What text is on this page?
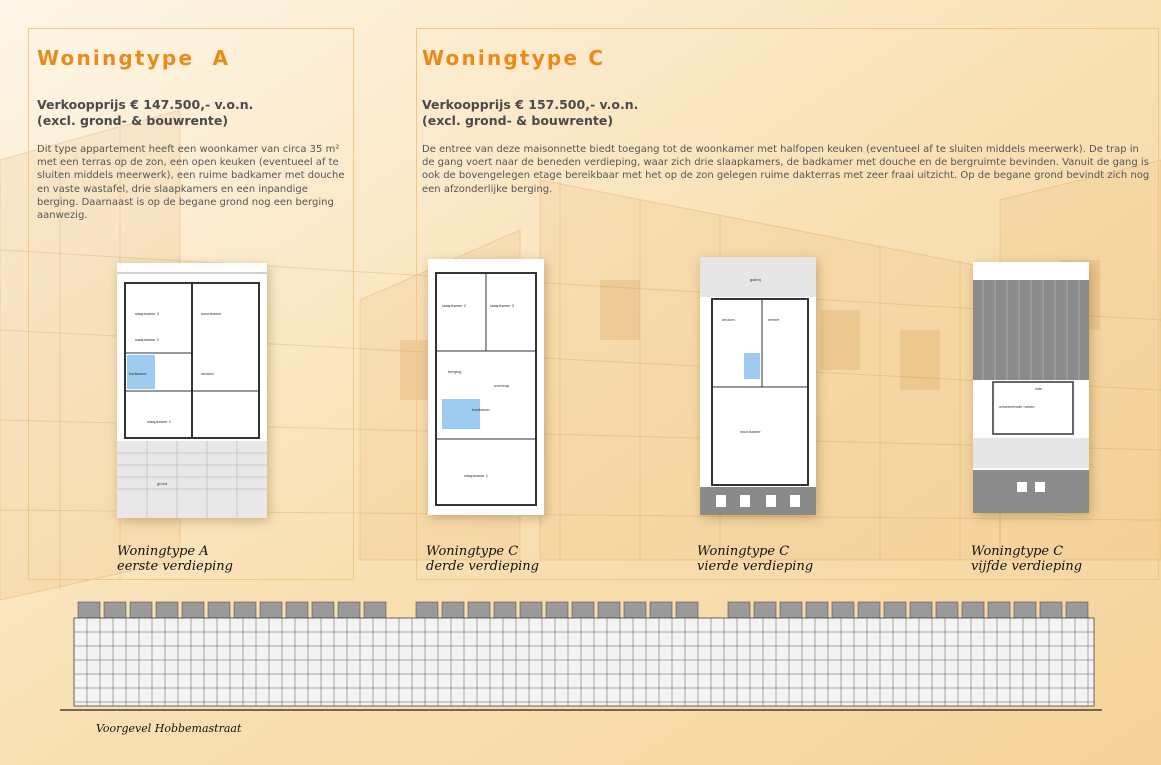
Woningtype  A

Verkoopprijs € 147.500,- v.o.n.
(excl. grond- & bouwrente)

Dit type appartement heeft een woonkamer van circa 35 m² met een terras op de zon, een open keuken (eventueel af te sluiten middels meerwerk), een ruime badkamer met douche en vaste wastafel, drie slaapkamers en een inpandige berging. Daarnaast is op de begane grond nog een berging aanwezig.

Woningtype C

Verkoopprijs € 157.500,- v.o.n.
(excl. grond- & bouwrente)

De entree van deze maisonnette biedt toegang tot de woonkamer met halfopen keuken (eventueel af te sluiten middels meerwerk). De trap in de gang voert naar de beneden verdieping, waar zich drie slaapkamers, de badkamer met douche en de bergruimte bevinden. Vanuit de gang is ook de bovengelegen etage bereikbaar met het op de zon gelegen ruime dakterras met zeer fraai uitzicht. Op de begane grond bevindt zich nog een afzonderlijke berging.

slaapkamer 3	woonkamer
slaapkamer 2
badkamer	keuken
slaapkamer 1
grond
slaapkamer 2	slaapkamer 3
berging
overloop
badkamer
slaapkamer 1
galerij
keuken	entree
woonkamer
vide
onbenoemde ruimte
Woningtype A
eerste verdieping
Woningtype C
derde verdieping
Woningtype C
vierde verdieping
Woningtype C
vijfde verdieping
Voorgevel Hobbemastraat
